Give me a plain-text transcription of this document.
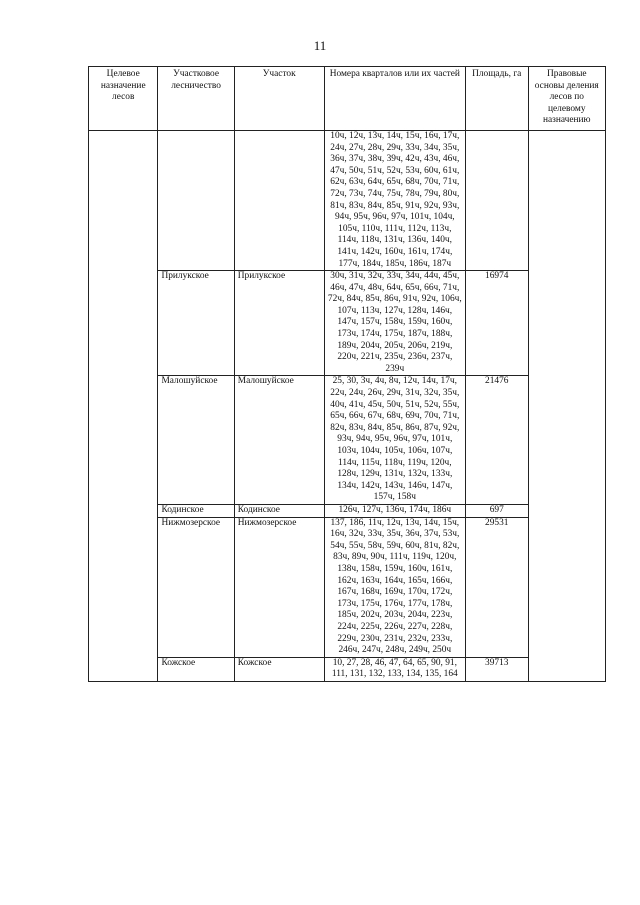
11
Целевое назначение лесов	Участковое лесничество	Участок	Номера кварталов или их частей	Площадь, га	Правовые основы деления лесов по целевому назначению
			10ч, 12ч, 13ч, 14ч, 15ч, 16ч, 17ч, 24ч, 27ч, 28ч, 29ч, 33ч, 34ч, 35ч, 36ч, 37ч, 38ч, 39ч, 42ч, 43ч, 46ч, 47ч, 50ч, 51ч, 52ч, 53ч, 60ч, 61ч, 62ч, 63ч, 64ч, 65ч, 68ч, 70ч, 71ч, 72ч, 73ч, 74ч, 75ч, 78ч, 79ч, 80ч, 81ч, 83ч, 84ч, 85ч, 91ч, 92ч, 93ч, 94ч, 95ч, 96ч, 97ч, 101ч, 104ч, 105ч, 110ч, 111ч, 112ч, 113ч, 114ч, 118ч, 131ч, 136ч, 140ч, 141ч, 142ч, 160ч, 161ч, 174ч, 177ч, 184ч, 185ч, 186ч, 187ч		
	Прилукское	Прилукское	30ч, 31ч, 32ч, 33ч, 34ч, 44ч, 45ч, 46ч, 47ч, 48ч, 64ч, 65ч, 66ч, 71ч, 72ч, 84ч, 85ч, 86ч, 91ч, 92ч, 106ч, 107ч, 113ч, 127ч, 128ч, 146ч, 147ч, 157ч, 158ч, 159ч, 160ч, 173ч, 174ч, 175ч, 187ч, 188ч, 189ч, 204ч, 205ч, 206ч, 219ч, 220ч, 221ч, 235ч, 236ч, 237ч, 239ч	16974	
	Малошуйское	Малошуйское	25, 30, 3ч, 4ч, 8ч, 12ч, 14ч, 17ч, 22ч, 24ч, 26ч, 29ч, 31ч, 32ч, 35ч, 40ч, 41ч, 45ч, 50ч, 51ч, 52ч, 55ч, 65ч, 66ч, 67ч, 68ч, 69ч, 70ч, 71ч, 82ч, 83ч, 84ч, 85ч, 86ч, 87ч, 92ч, 93ч, 94ч, 95ч, 96ч, 97ч, 101ч, 103ч, 104ч, 105ч, 106ч, 107ч, 114ч, 115ч, 118ч, 119ч, 120ч, 128ч, 129ч, 131ч, 132ч, 133ч, 134ч, 142ч, 143ч, 146ч, 147ч, 157ч, 158ч	21476	
	Кодинское	Кодинское	126ч, 127ч, 136ч, 174ч, 186ч	697	
	Нижмозерское	Нижмозерское	137, 186, 11ч, 12ч, 13ч, 14ч, 15ч, 16ч, 32ч, 33ч, 35ч, 36ч, 37ч, 53ч, 54ч, 55ч, 58ч, 59ч, 60ч, 81ч, 82ч, 83ч, 89ч, 90ч, 111ч, 119ч, 120ч, 138ч, 158ч, 159ч, 160ч, 161ч, 162ч, 163ч, 164ч, 165ч, 166ч, 167ч, 168ч, 169ч, 170ч, 172ч, 173ч, 175ч, 176ч, 177ч, 178ч, 185ч, 202ч, 203ч, 204ч, 223ч, 224ч, 225ч, 226ч, 227ч, 228ч, 229ч, 230ч, 231ч, 232ч, 233ч, 246ч, 247ч, 248ч, 249ч, 250ч	29531	
	Кожское	Кожское	10, 27, 28, 46, 47, 64, 65, 90, 91, 111, 131, 132, 133, 134, 135, 164	39713	
